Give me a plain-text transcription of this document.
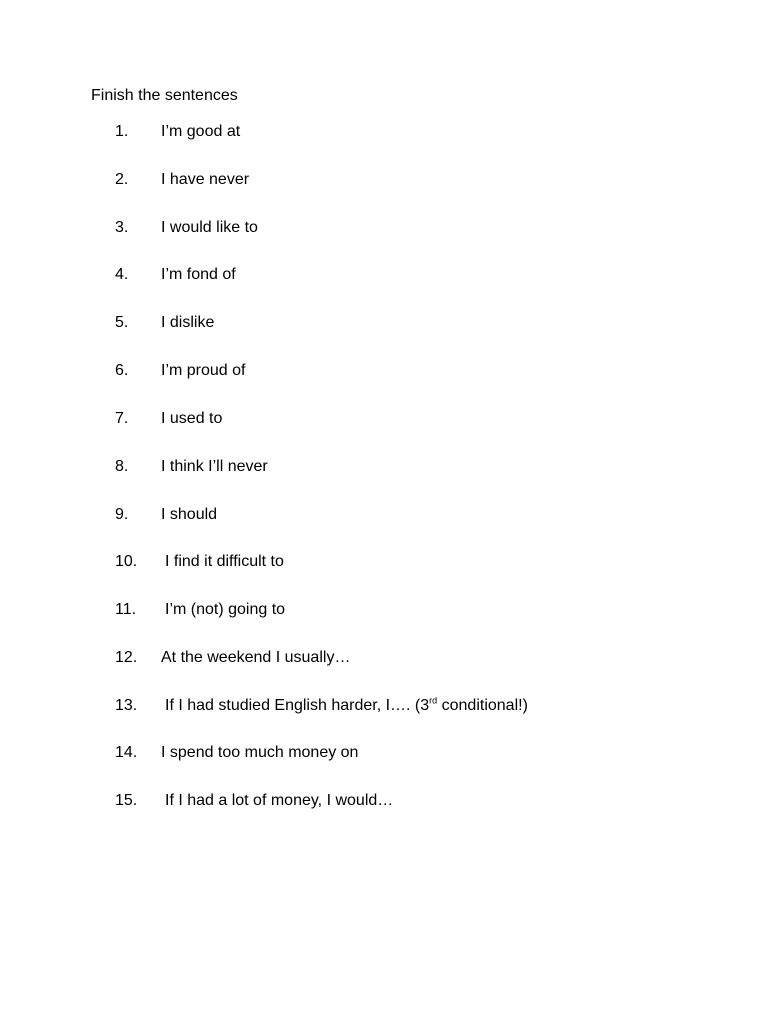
Finish the sentences
1. I’m good at
2. I have never
3. I would like to
4. I’m fond of
5. I dislike
6. I’m proud of
7. I used to
8. I think I’ll never
9. I should
10. I find it difficult to
11. I’m (not) going to
12. At the weekend I usually…
13. If I had studied English harder, I…. (3rd conditional!)
14. I spend too much money on
15. If I had a lot of money, I would…
